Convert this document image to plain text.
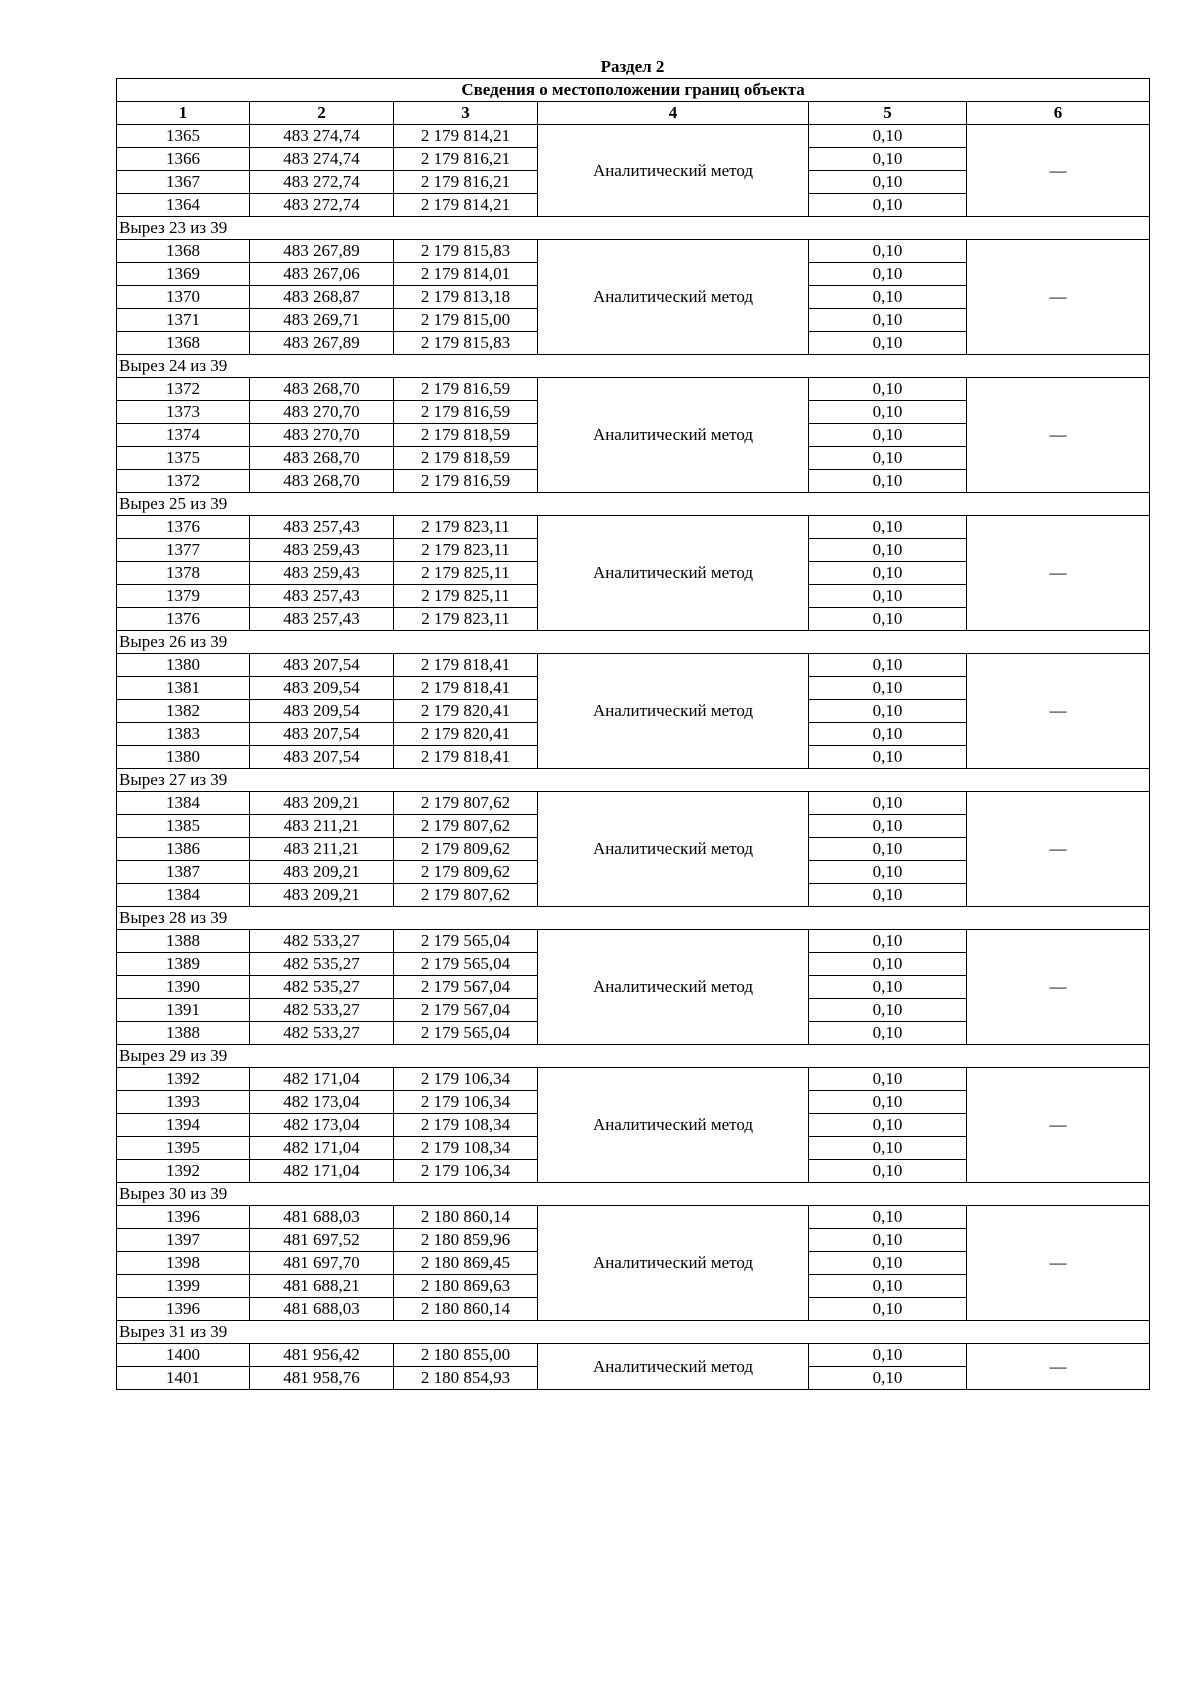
Раздел 2
Сведения о местоположении границ объекта					
1	2	3	4	5	6
1365	483 274,74	2 179 814,21	Аналитический метод	0,10	—
1366	483 274,74	2 179 816,21		0,10	
1367	483 272,74	2 179 816,21		0,10	
1364	483 272,74	2 179 814,21		0,10	
Вырез 23 из 39					
1368	483 267,89	2 179 815,83	Аналитический метод	0,10	—
1369	483 267,06	2 179 814,01		0,10	
1370	483 268,87	2 179 813,18		0,10	
1371	483 269,71	2 179 815,00		0,10	
1368	483 267,89	2 179 815,83		0,10	
Вырез 24 из 39					
1372	483 268,70	2 179 816,59	Аналитический метод	0,10	—
1373	483 270,70	2 179 816,59		0,10	
1374	483 270,70	2 179 818,59		0,10	
1375	483 268,70	2 179 818,59		0,10	
1372	483 268,70	2 179 816,59		0,10	
Вырез 25 из 39					
1376	483 257,43	2 179 823,11	Аналитический метод	0,10	—
1377	483 259,43	2 179 823,11		0,10	
1378	483 259,43	2 179 825,11		0,10	
1379	483 257,43	2 179 825,11		0,10	
1376	483 257,43	2 179 823,11		0,10	
Вырез 26 из 39					
1380	483 207,54	2 179 818,41	Аналитический метод	0,10	—
1381	483 209,54	2 179 818,41		0,10	
1382	483 209,54	2 179 820,41		0,10	
1383	483 207,54	2 179 820,41		0,10	
1380	483 207,54	2 179 818,41		0,10	
Вырез 27 из 39					
1384	483 209,21	2 179 807,62	Аналитический метод	0,10	—
1385	483 211,21	2 179 807,62		0,10	
1386	483 211,21	2 179 809,62		0,10	
1387	483 209,21	2 179 809,62		0,10	
1384	483 209,21	2 179 807,62		0,10	
Вырез 28 из 39					
1388	482 533,27	2 179 565,04	Аналитический метод	0,10	—
1389	482 535,27	2 179 565,04		0,10	
1390	482 535,27	2 179 567,04		0,10	
1391	482 533,27	2 179 567,04		0,10	
1388	482 533,27	2 179 565,04		0,10	
Вырез 29 из 39					
1392	482 171,04	2 179 106,34	Аналитический метод	0,10	—
1393	482 173,04	2 179 106,34		0,10	
1394	482 173,04	2 179 108,34		0,10	
1395	482 171,04	2 179 108,34		0,10	
1392	482 171,04	2 179 106,34		0,10	
Вырез 30 из 39					
1396	481 688,03	2 180 860,14	Аналитический метод	0,10	—
1397	481 697,52	2 180 859,96		0,10	
1398	481 697,70	2 180 869,45		0,10	
1399	481 688,21	2 180 869,63		0,10	
1396	481 688,03	2 180 860,14		0,10	
Вырез 31 из 39					
1400	481 956,42	2 180 855,00	Аналитический метод	0,10	—
1401	481 958,76	2 180 854,93		0,10	
